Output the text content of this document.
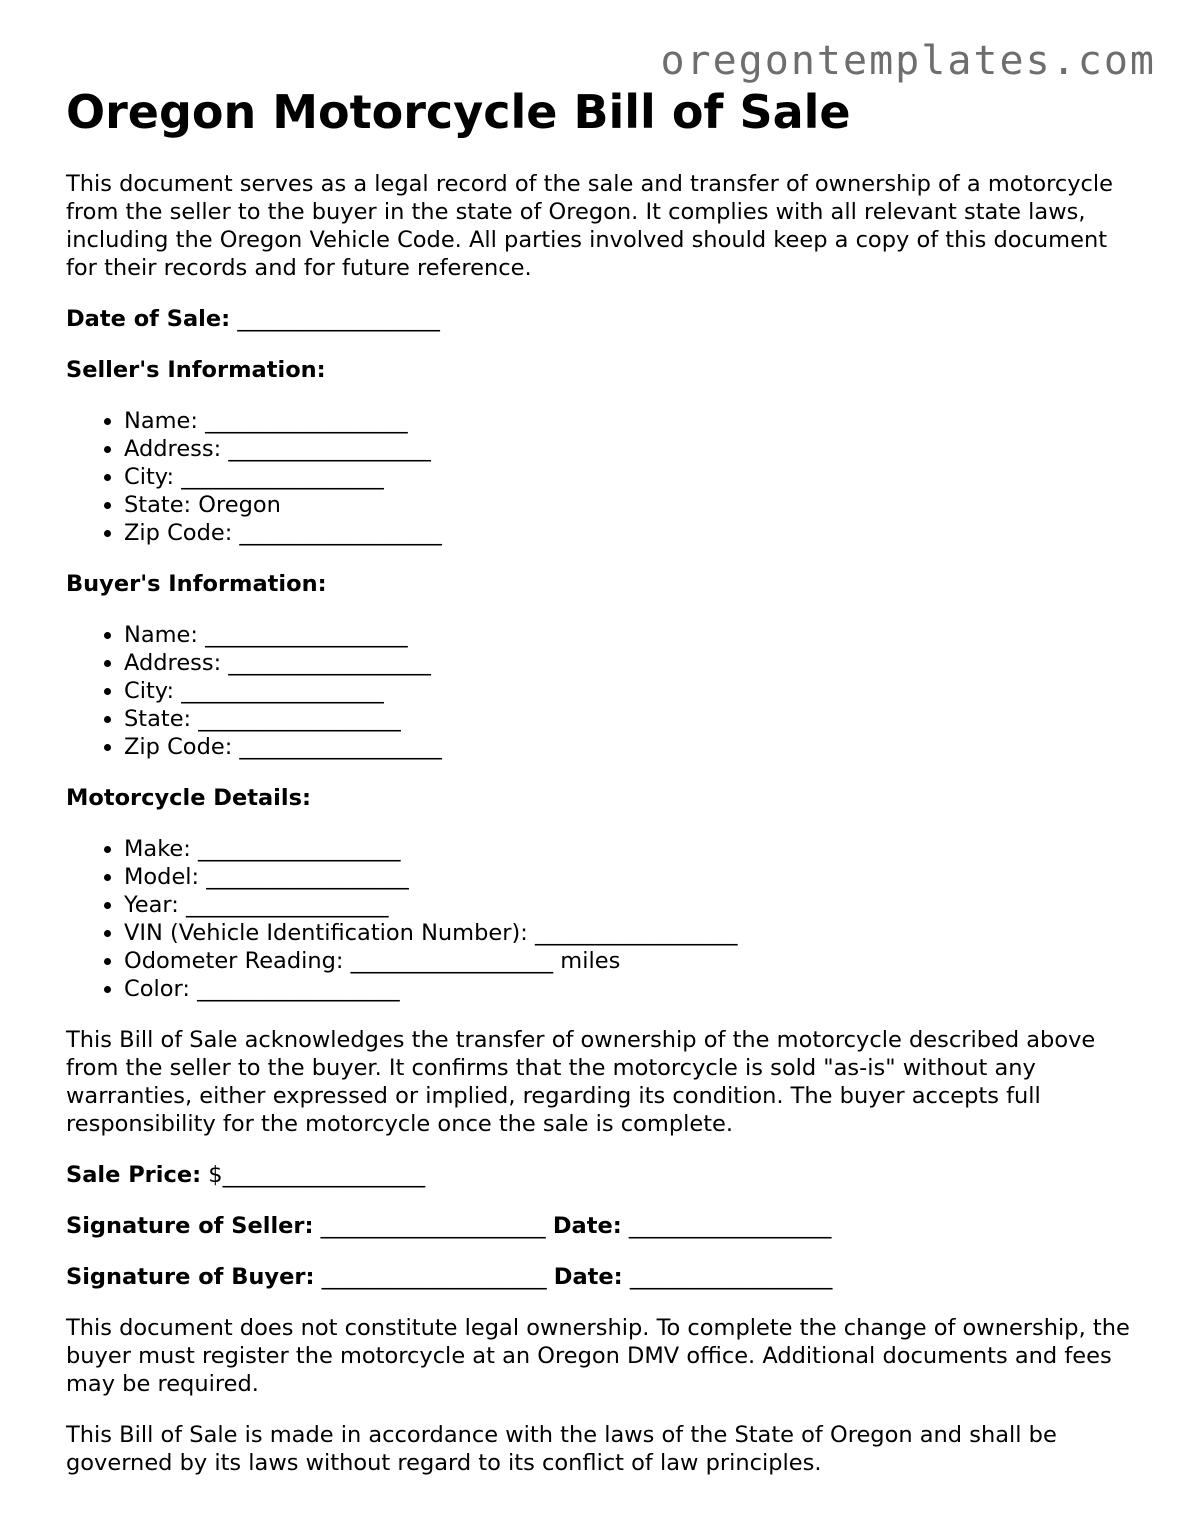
oregontemplates.com
Oregon Motorcycle Bill of Sale

This document serves as a legal record of the sale and transfer of ownership of a motorcycle from the seller to the buyer in the state of Oregon. It complies with all relevant state laws, including the Oregon Vehicle Code. All parties involved should keep a copy of this document for their records and for future reference.

Date of Sale: __________________

Seller's Information:
• Name: __________________
• Address: __________________
• City: __________________
• State: Oregon
• Zip Code: __________________
Buyer's Information:
• Name: __________________
• Address: __________________
• City: __________________
• State: __________________
• Zip Code: __________________
Motorcycle Details:
• Make: __________________
• Model: __________________
• Year: __________________
• VIN (Vehicle Identification Number): __________________
• Odometer Reading: __________________ miles
• Color: __________________

This Bill of Sale acknowledges the transfer of ownership of the motorcycle described above from the seller to the buyer. It confirms that the motorcycle is sold "as-is" without any warranties, either expressed or implied, regarding its condition. The buyer accepts full responsibility for the motorcycle once the sale is complete.

Sale Price: $__________________

Signature of Seller: ____________________ Date: __________________

Signature of Buyer: ____________________ Date: __________________

This document does not constitute legal ownership. To complete the change of ownership, the buyer must register the motorcycle at an Oregon DMV office. Additional documents and fees may be required.

This Bill of Sale is made in accordance with the laws of the State of Oregon and shall be governed by its laws without regard to its conflict of law principles.
